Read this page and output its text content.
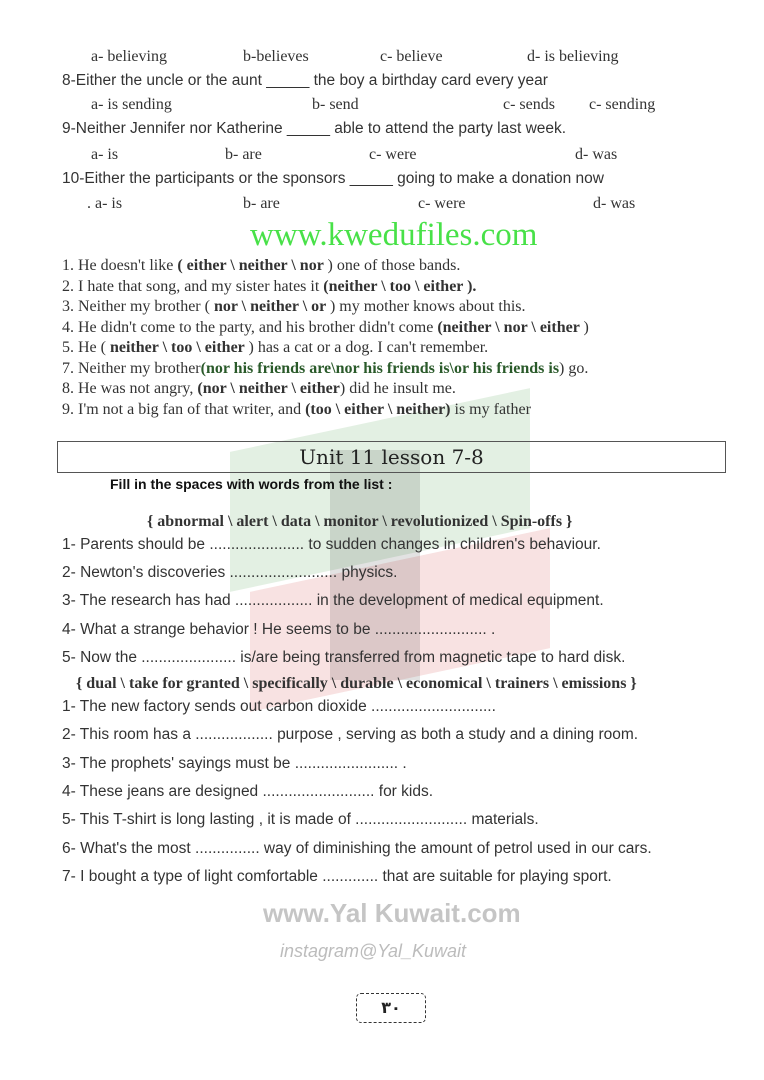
a- believing	b-believes	c- believe	d- is believing
8-Either the uncle or the aunt _____ the boy a birthday card every year
a- is sending	b- send	c- sends c- sending
9-Neither Jennifer nor Katherine _____ able to attend the party last week.
a- is	b- are	c- were	d- was
10-Either the participants or the sponsors _____ going to make a donation now
. a- is	b- are	c- were	d- was
1. He doesn't like ( either \ neither \ nor ) one of those bands.
2. I hate that song, and my sister hates it (neither \ too \ either ).
3. Neither my brother ( nor \ neither \ or ) my mother knows about this.
4. He didn't come to the party, and his brother didn't come (neither \ nor \ either )
5. He ( neither \ too \ either ) has a cat or a dog. I can't remember.
7. Neither my brother(nor his friends are\nor his friends is\or his friends is) go.
8. He was not angry, (nor \ neither \ either) did he insult me.
9. I'm not a big fan of that writer, and (too \ either \ neither) is my father
Unit 11 lesson 7-8
Fill in the spaces with words from the list :
{ abnormal \ alert \ data \ monitor \ revolutionized \ Spin-offs }
1- Parents should be ...................... to sudden changes in children's behaviour.
2- Newton's discoveries ......................... physics.
3- The research has had .................. in the development of medical equipment.
4- What a strange behavior ! He seems to be .......................... .
5- Now the ...................... is/are being transferred from magnetic tape to hard disk.
{ dual \ take for granted \ specifically \ durable \ economical \ trainers \ emissions }
1- The new factory sends out carbon dioxide .............................
2- This room has a .................. purpose , serving as both a study and a dining room.
3- The prophets' sayings must be ........................ .
4- These jeans are designed .......................... for kids.
5- This T-shirt is long lasting , it is made of .......................... materials.
6- What's the most ............... way of diminishing the amount of petrol used in our cars.
7- I bought a type of light comfortable ............. that are suitable for playing sport.
www.kwedufiles.com
www.Yal Kuwait.com
instagram@Yal_Kuwait
٣٠
